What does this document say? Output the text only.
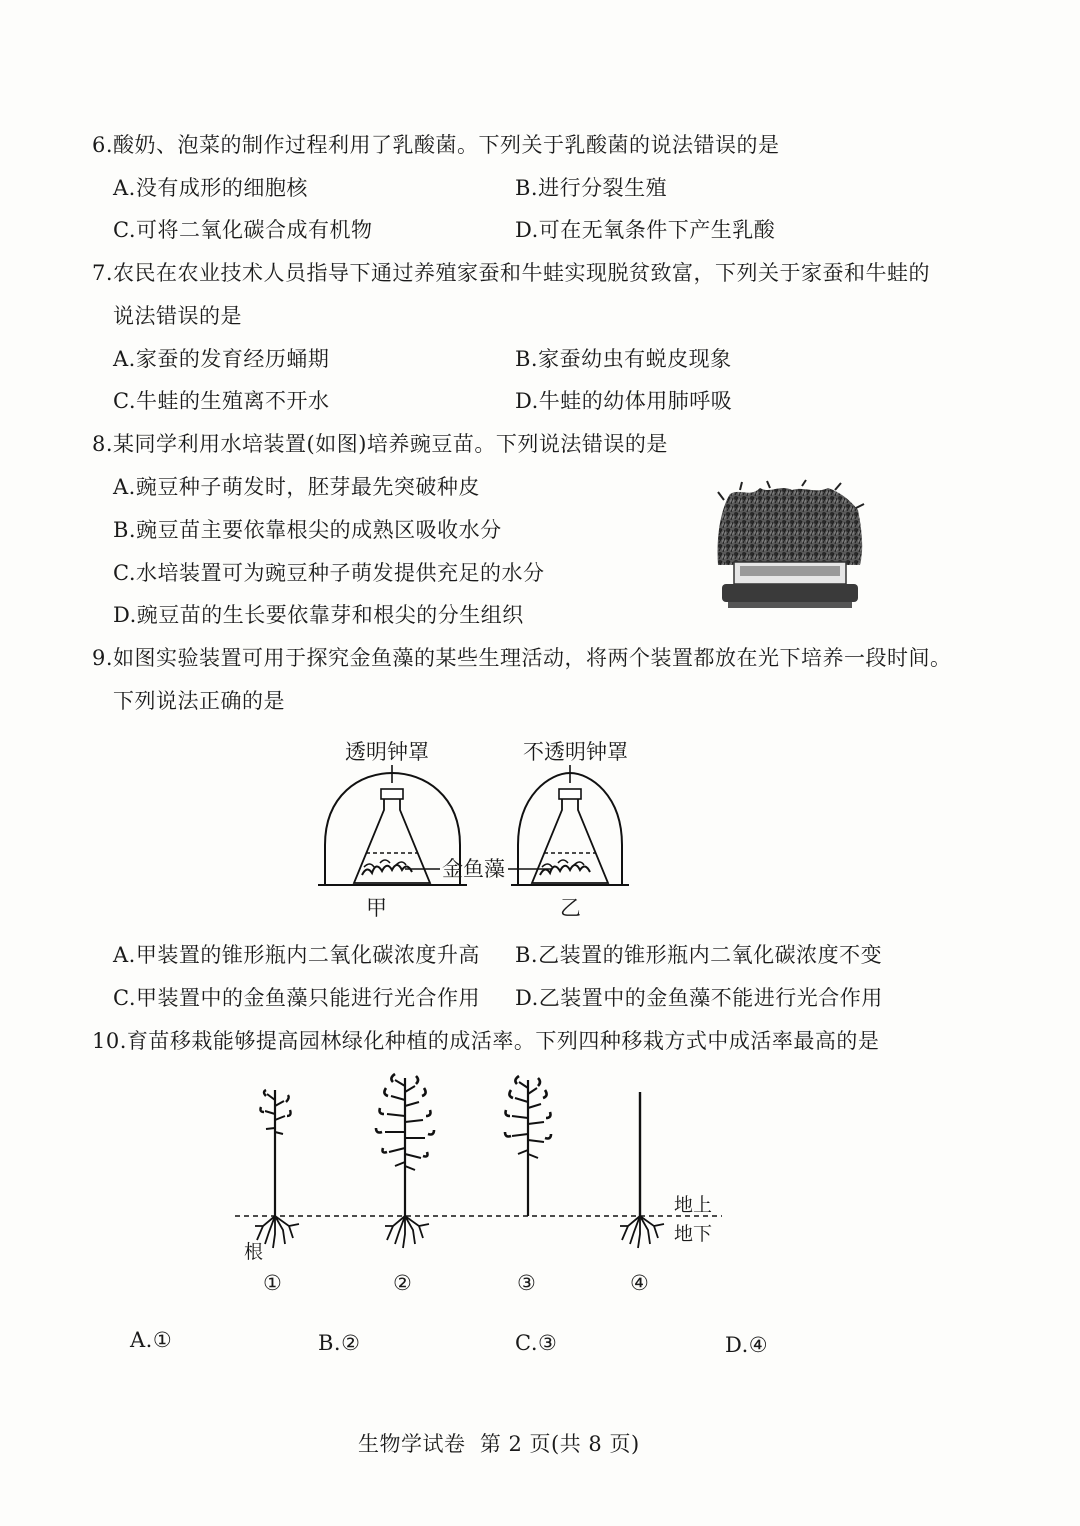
6.酸奶、泡菜的制作过程利用了乳酸菌。下列关于乳酸菌的说法错误的是
A.没有成形的细胞核	B.进行分裂生殖
C.可将二氧化碳合成有机物	D.可在无氧条件下产生乳酸
7.农民在农业技术人员指导下通过养殖家蚕和牛蛙实现脱贫致富，下列关于家蚕和牛蛙的
说法错误的是
A.家蚕的发育经历蛹期	B.家蚕幼虫有蜕皮现象
C.牛蛙的生殖离不开水	D.牛蛙的幼体用肺呼吸
8.某同学利用水培装置(如图)培养豌豆苗。下列说法错误的是
A.豌豆种子萌发时，胚芽最先突破种皮
B.豌豆苗主要依靠根尖的成熟区吸收水分
C.水培装置可为豌豆种子萌发提供充足的水分
D.豌豆苗的生长要依靠芽和根尖的分生组织
9.如图实验装置可用于探究金鱼藻的某些生理活动，将两个装置都放在光下培养一段时间。
下列说法正确的是
透明钟罩	不透明钟罩
金鱼藻
甲	乙
A.甲装置的锥形瓶内二氧化碳浓度升高 B.乙装置的锥形瓶内二氧化碳浓度不变
C.甲装置中的金鱼藻只能进行光合作用 D.乙装置中的金鱼藻不能进行光合作用
10.育苗移栽能够提高园林绿化种植的成活率。下列四种移栽方式中成活率最高的是
根
地上
地下
①	②	③	④
A.①	B.②	C.③	D.④
生物学试卷  第 2 页(共 8 页)
